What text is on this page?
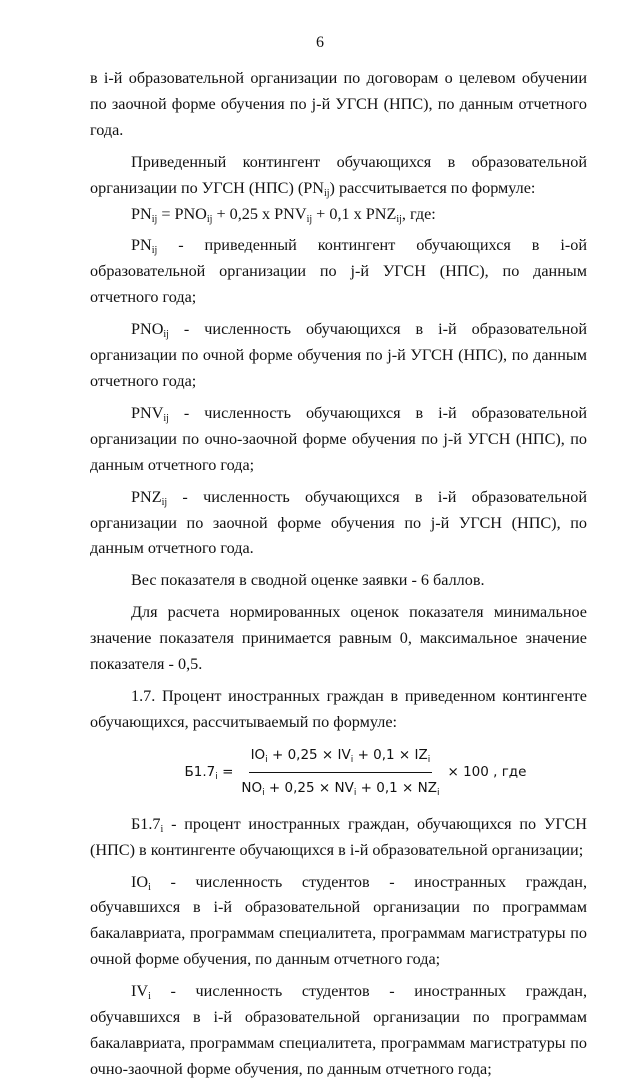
6

в i-й образовательной организации по договорам о целевом обучении по заочной форме обучения по j-й УГСН (НПС), по данным отчетного года.

Приведенный контингент обучающихся в образовательной организации по УГСН (НПС) $(PN_{ij})$ рассчитывается по формуле:

$PN_{ij} = PNO_{ij} + 0,25$ x $PNV_{ij} + 0,1$ x $PNZ_{ij}$, где:

$PN_{ij}$ - приведенный контингент обучающихся в i-ой образовательной организации по j-й УГСН (НПС), по данным отчетного года;

$PNO_{ij}$ - численность обучающихся в i-й образовательной организации по очной форме обучения по j-й УГСН (НПС), по данным отчетного года;

$PNV_{ij}$ - численность обучающихся в i-й образовательной организации по очно-заочной форме обучения по j-й УГСН (НПС), по данным отчетного года;

$PNZ_{ij}$ - численность обучающихся в i-й образовательной организации по заочной форме обучения по j-й УГСН (НПС), по данным отчетного года.

Вес показателя в сводной оценке заявки - 6 баллов.

Для расчета нормированных оценок показателя минимальное значение показателя принимается равным 0, максимальное значение показателя - 0,5.

1.7. Процент иностранных граждан в приведенном контингенте обучающихся, рассчитываемый по формуле:

$Б1.7_i = \frac{IO_i + 0,25 \times IV_i + 0,1 \times IZ_i}{NO_i + 0,25 \times NV_i + 0,1 \times NZ_i} \times 100$ , где

$Б1.7_i$ - процент иностранных граждан, обучающихся по УГСН (НПС) в контингенте обучающихся в i-й образовательной организации;

$IO_i$ - численность студентов - иностранных граждан, обучавшихся в i-й образовательной организации по программам бакалавриата, программам специалитета, программам магистратуры по очной форме обучения, по данным отчетного года;

$IV_i$ - численность студентов - иностранных граждан, обучавшихся в i-й образовательной организации по программам бакалавриата, программам специалитета, программам магистратуры по очно-заочной форме обучения, по данным отчетного года;
